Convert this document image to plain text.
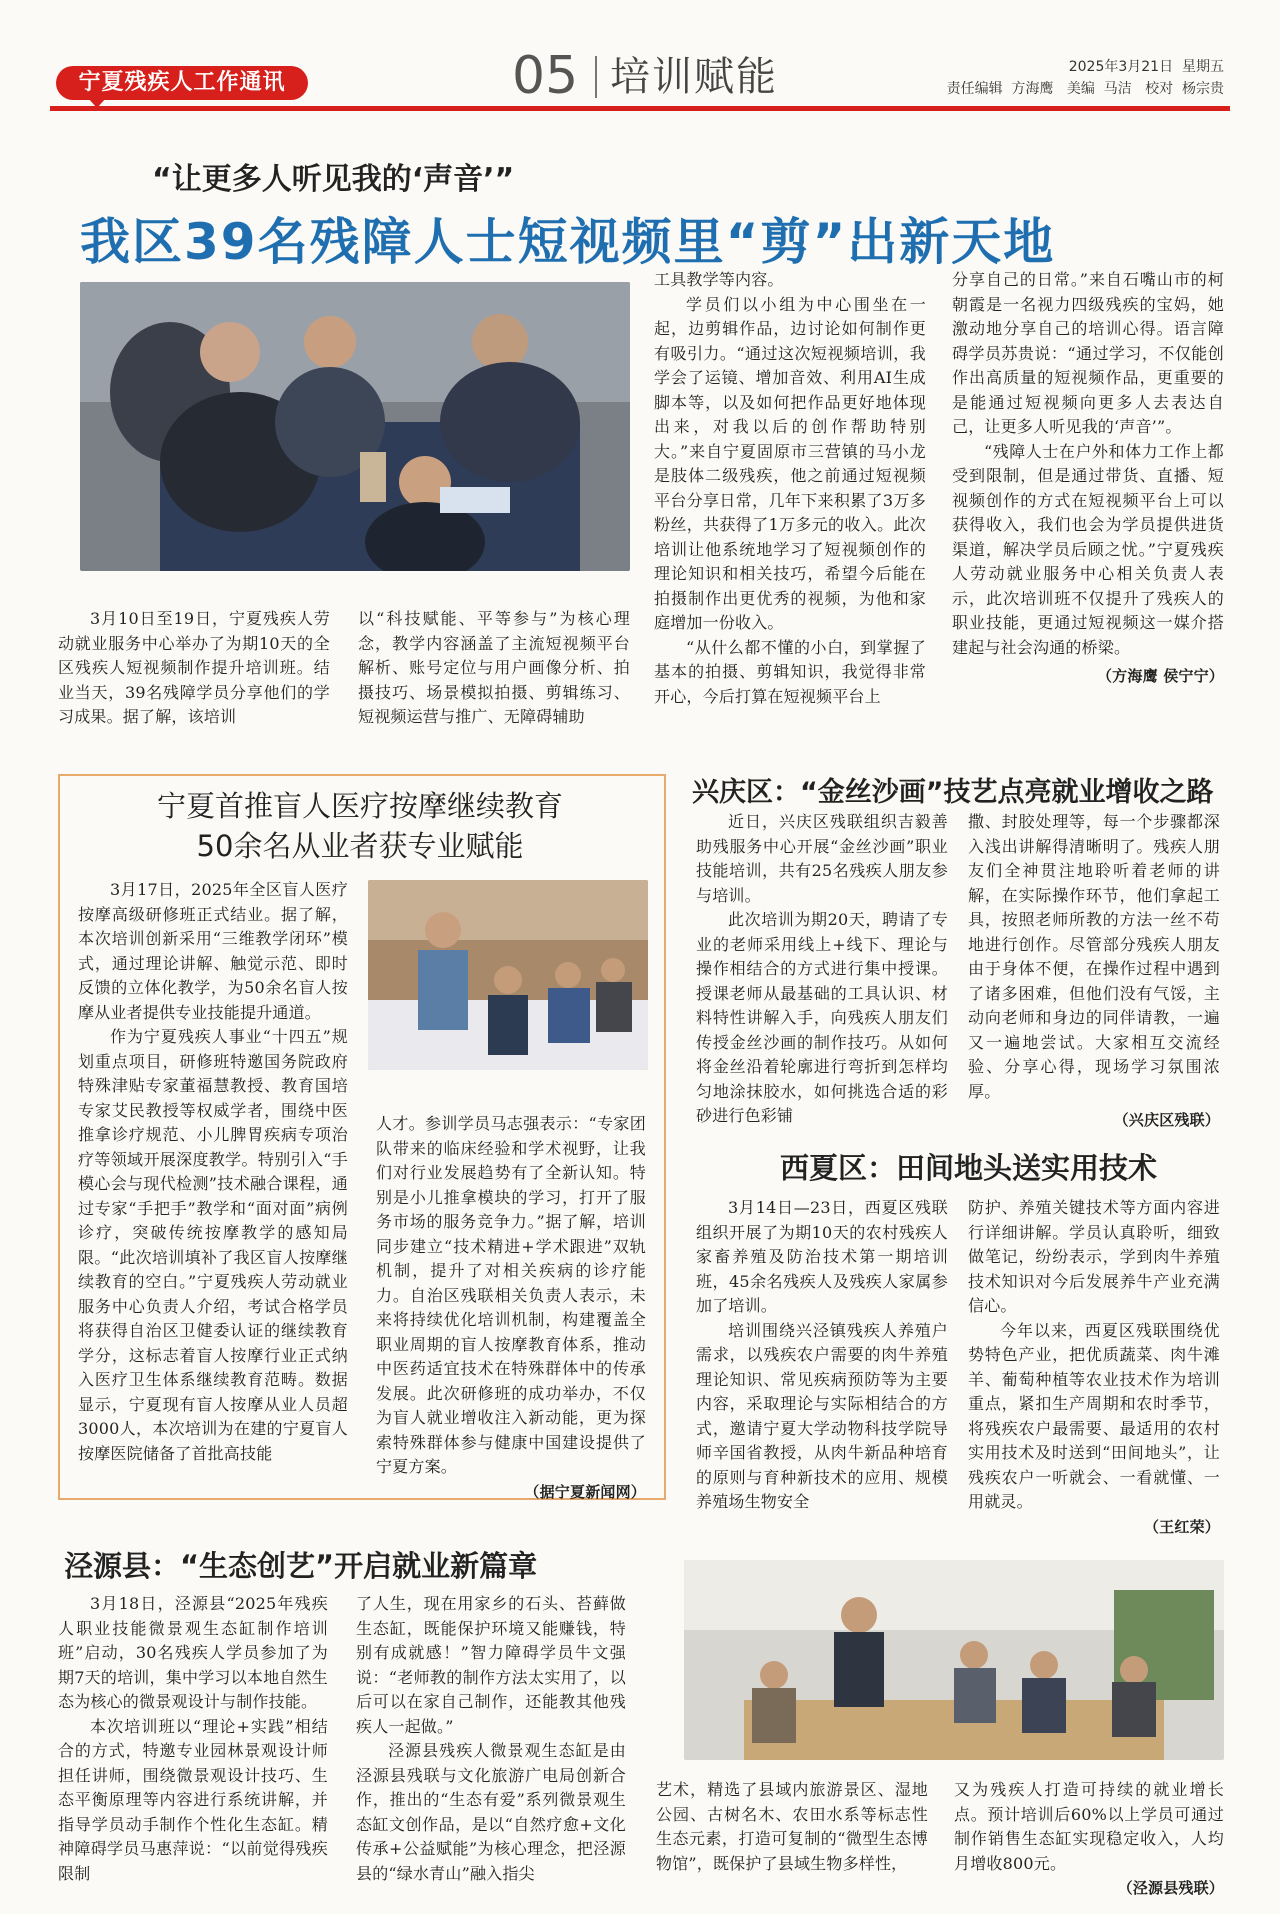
宁夏残疾人工作通讯	05 培训赋能	2025年3月21日  星期五
责任编辑  方海鹰   美编  马洁   校对  杨宗贵
“让更多人听见我的‘声音’”
我区39名残障人士短视频里“剪”出新天地

3月10日至19日，宁夏残疾人劳动就业服务中心举办了为期10天的全区残疾人短视频制作提升培训班。结业当天，39名残障学员分享他们的学习成果。据了解，该培训

以“科技赋能、平等参与”为核心理念，教学内容涵盖了主流短视频平台解析、账号定位与用户画像分析、拍摄技巧、场景模拟拍摄、剪辑练习、短视频运营与推广、无障碍辅助

工具教学等内容。

学员们以小组为中心围坐在一起，边剪辑作品，边讨论如何制作更有吸引力。“通过这次短视频培训，我学会了运镜、增加音效、利用AI生成脚本等，以及如何把作品更好地体现出来，对我以后的创作帮助特别大。”来自宁夏固原市三营镇的马小龙是肢体二级残疾，他之前通过短视频平台分享日常，几年下来积累了3万多粉丝，共获得了1万多元的收入。此次培训让他系统地学习了短视频创作的理论知识和相关技巧，希望今后能在拍摄制作出更优秀的视频，为他和家庭增加一份收入。

“从什么都不懂的小白，到掌握了基本的拍摄、剪辑知识，我觉得非常开心，今后打算在短视频平台上

分享自己的日常。”来自石嘴山市的柯朝霞是一名视力四级残疾的宝妈，她激动地分享自己的培训心得。语言障碍学员苏贵说：“通过学习，不仅能创作出高质量的短视频作品，更重要的是能通过短视频向更多人去表达自己，让更多人听见我的‘声音’”。

“残障人士在户外和体力工作上都受到限制，但是通过带货、直播、短视频创作的方式在短视频平台上可以获得收入，我们也会为学员提供进货渠道，解决学员后顾之忧。”宁夏残疾人劳动就业服务中心相关负责人表示，此次培训班不仅提升了残疾人的职业技能，更通过短视频这一媒介搭建起与社会沟通的桥梁。

（方海鹰 侯宁宁）
宁夏首推盲人医疗按摩继续教育
50余名从业者获专业赋能

3月17日，2025年全区盲人医疗按摩高级研修班正式结业。据了解，本次培训创新采用“三维教学闭环”模式，通过理论讲解、触觉示范、即时反馈的立体化教学，为50余名盲人按摩从业者提供专业技能提升通道。

作为宁夏残疾人事业“十四五”规划重点项目，研修班特邀国务院政府特殊津贴专家董福慧教授、教育国培专家艾民教授等权威学者，围绕中医推拿诊疗规范、小儿脾胃疾病专项治疗等领域开展深度教学。特别引入“手模心会与现代检测”技术融合课程，通过专家“手把手”教学和“面对面”病例诊疗，突破传统按摩教学的感知局限。“此次培训填补了我区盲人按摩继续教育的空白。”宁夏残疾人劳动就业服务中心负责人介绍，考试合格学员将获得自治区卫健委认证的继续教育学分，这标志着盲人按摩行业正式纳入医疗卫生体系继续教育范畴。数据显示，宁夏现有盲人按摩从业人员超3000人，本次培训为在建的宁夏盲人按摩医院储备了首批高技能

人才。参训学员马志强表示：“专家团队带来的临床经验和学术视野，让我们对行业发展趋势有了全新认知。特别是小儿推拿模块的学习，打开了服务市场的服务竞争力。”据了解，培训同步建立“技术精进+学术跟进”双轨机制，提升了对相关疾病的诊疗能力。自治区残联相关负责人表示，未来将持续优化培训机制，构建覆盖全职业周期的盲人按摩教育体系，推动中医药适宜技术在特殊群体中的传承发展。此次研修班的成功举办，不仅为盲人就业增收注入新动能，更为探索特殊群体参与健康中国建设提供了宁夏方案。

（据宁夏新闻网）
兴庆区：“金丝沙画”技艺点亮就业增收之路

近日，兴庆区残联组织吉毅善助残服务中心开展“金丝沙画”职业技能培训，共有25名残疾人朋友参与培训。

此次培训为期20天，聘请了专业的老师采用线上+线下、理论与操作相结合的方式进行集中授课。授课老师从最基础的工具认识、材料特性讲解入手，向残疾人朋友们传授金丝沙画的制作技巧。从如何将金丝沿着轮廓进行弯折到怎样均匀地涂抹胶水，如何挑选合适的彩砂进行色彩铺

撒、封胶处理等，每一个步骤都深入浅出讲解得清晰明了。残疾人朋友们全神贯注地聆听着老师的讲解，在实际操作环节，他们拿起工具，按照老师所教的方法一丝不苟地进行创作。尽管部分残疾人朋友由于身体不便，在操作过程中遇到了诸多困难，但他们没有气馁，主动向老师和身边的同伴请教，一遍又一遍地尝试。大家相互交流经验、分享心得，现场学习氛围浓厚。

（兴庆区残联）
西夏区：田间地头送实用技术

3月14日—23日，西夏区残联组织开展了为期10天的农村残疾人家畜养殖及防治技术第一期培训班，45余名残疾人及残疾人家属参加了培训。

培训围绕兴泾镇残疾人养殖户需求，以残疾农户需要的肉牛养殖理论知识、常见疾病预防等为主要内容，采取理论与实际相结合的方式，邀请宁夏大学动物科技学院导师辛国省教授，从肉牛新品种培育的原则与育种新技术的应用、规模养殖场生物安全

防护、养殖关键技术等方面内容进行详细讲解。学员认真聆听，细致做笔记，纷纷表示，学到肉牛养殖技术知识对今后发展养牛产业充满信心。

今年以来，西夏区残联围绕优势特色产业，把优质蔬菜、肉牛滩羊、葡萄种植等农业技术作为培训重点，紧扣生产周期和农时季节，将残疾农户最需要、最适用的农村实用技术及时送到“田间地头”，让残疾农户一听就会、一看就懂、一用就灵。

（王红荣）
泾源县：“生态创艺”开启就业新篇章

3月18日，泾源县“2025年残疾人职业技能微景观生态缸制作培训班”启动，30名残疾人学员参加了为期7天的培训，集中学习以本地自然生态为核心的微景观设计与制作技能。

本次培训班以“理论+实践”相结合的方式，特邀专业园林景观设计师担任讲师，围绕微景观设计技巧、生态平衡原理等内容进行系统讲解，并指导学员动手制作个性化生态缸。精神障碍学员马惠萍说：“以前觉得残疾限制

了人生，现在用家乡的石头、苔藓做生态缸，既能保护环境又能赚钱，特别有成就感！”智力障碍学员牛文强说：“老师教的制作方法太实用了，以后可以在家自己制作，还能教其他残疾人一起做。”

泾源县残疾人微景观生态缸是由泾源县残联与文化旅游广电局创新合作，推出的“生态有爱”系列微景观生态缸文创作品，是以“自然疗愈+文化传承+公益赋能”为核心理念，把泾源县的“绿水青山”融入指尖

艺术，精选了县域内旅游景区、湿地公园、古树名木、农田水系等标志性生态元素，打造可复制的“微型生态博物馆”，既保护了县域生物多样性，

又为残疾人打造可持续的就业增长点。预计培训后60%以上学员可通过制作销售生态缸实现稳定收入，人均月增收800元。

（泾源县残联）
